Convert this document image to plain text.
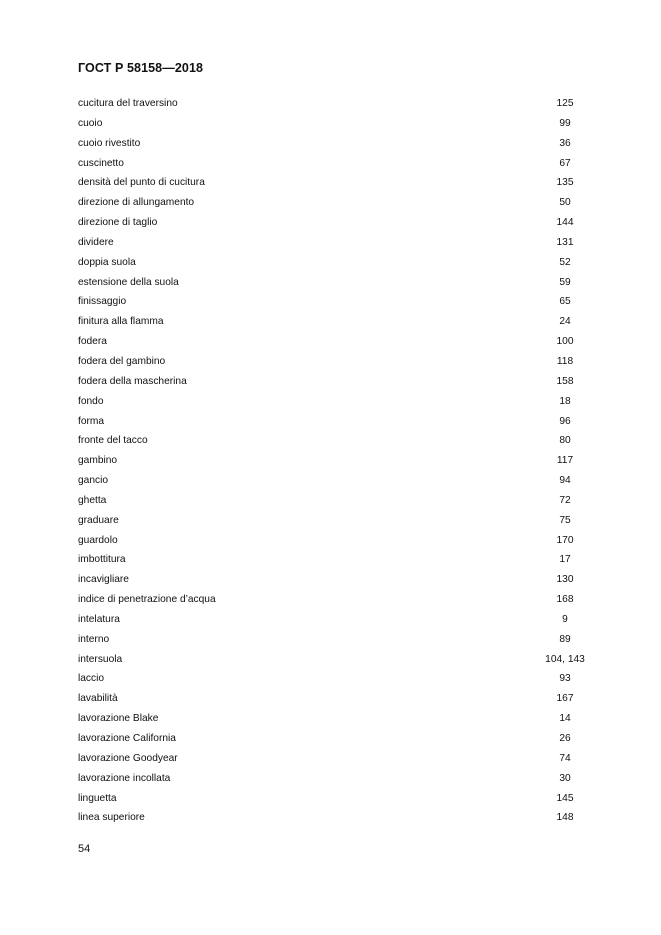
ГОСТ Р 58158—2018
cucitura del traversino	125
cuoio	99
cuoio rivestito	36
cuscinetto	67
densità del punto di cucitura	135
direzione di allungamento	50
direzione di taglio	144
dividere	131
doppia suola	52
estensione della suola	59
finissaggio	65
finitura alla flamma	24
fodera	100
fodera del gambino	118
fodera della mascherina	158
fondo	18
forma	96
fronte del tacco	80
gambino	117
gancio	94
ghetta	72
graduare	75
guardolo	170
imbottitura	17
incavigliare	130
indice di penetrazione d’acqua	168
intelatura	9
interno	89
intersuola	104, 143
laccio	93
lavabilità	167
lavorazione Blake	14
lavorazione California	26
lavorazione Goodyear	74
lavorazione incollata	30
linguetta	145
linea superiore	148
54
